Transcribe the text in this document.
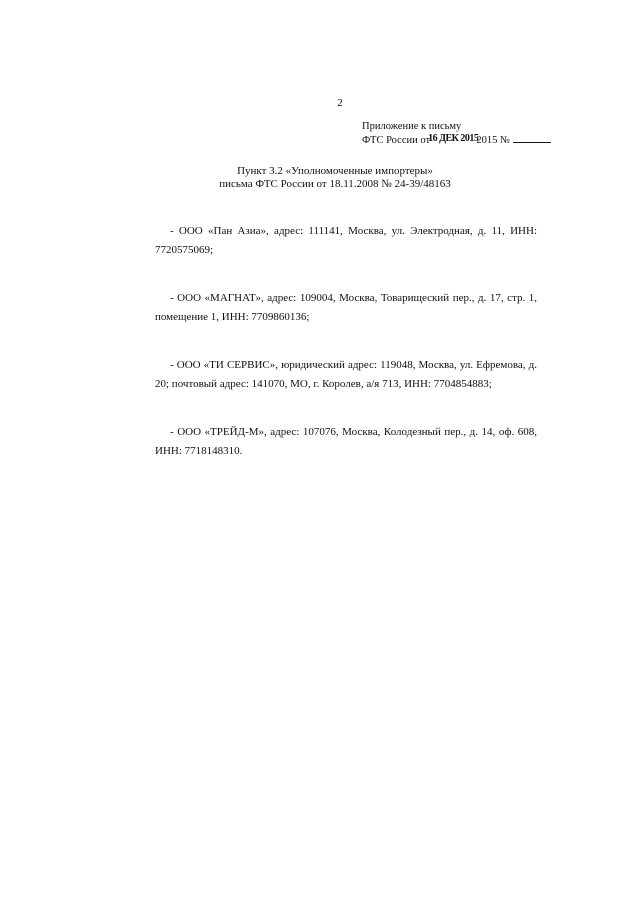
2
Приложение к письму
ФТС России от16 ДЕК 20152015 №
Пункт 3.2 «Уполномоченные импортеры»
письма ФТС России от 18.11.2008 № 24-39/48163

- ООО «Пан Азиа», адрес: 111141, Москва, ул. Электродная, д. 11, ИНН: 7720575069;

- ООО «МАГНАТ», адрес: 109004, Москва, Товарищеский пер., д. 17, стр. 1, помещение 1, ИНН: 7709860136;

- ООО «ТИ СЕРВИС», юридический адрес: 119048, Москва, ул. Ефремова, д. 20; почтовый адрес: 141070, МО, г. Королев, а/я 713, ИНН: 7704854883;

- ООО «ТРЕЙД-М», адрес: 107076, Москва, Колодезный пер., д. 14, оф. 608, ИНН: 7718148310.
